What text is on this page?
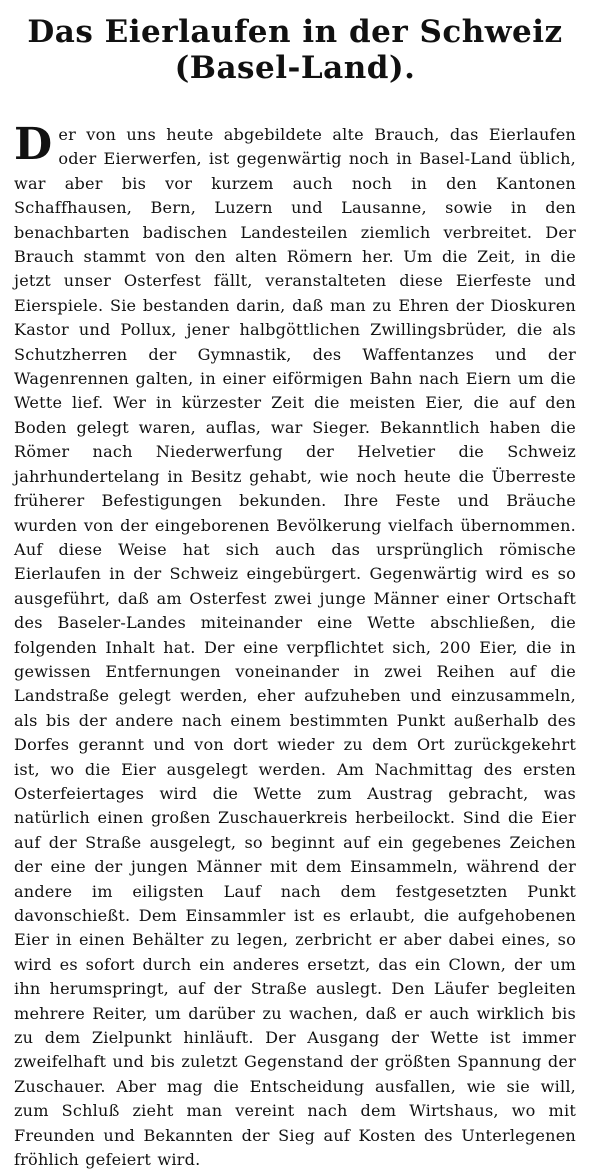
Das Eierlaufen in der Schweiz
(Basel-Land).

D er von uns heute abgebildete alte Brauch, das Eierlaufen oder Eierwerfen, ist gegenwärtig noch in Basel-Land üblich, war aber bis vor kurzem auch noch in den Kantonen Schaffhausen, Bern, Luzern und Lausanne, sowie in den benachbarten badischen Landesteilen ziemlich verbreitet. Der Brauch stammt von den alten Römern her. Um die Zeit, in die jetzt unser Osterfest fällt, veranstalteten diese Eierfeste und Eierspiele. Sie bestanden darin, daß man zu Ehren der Dioskuren Kastor und Pollux, jener halbgöttlichen Zwillingsbrüder, die als Schutzherren der Gymnastik, des Waffentanzes und der Wagenrennen galten, in einer eiförmigen Bahn nach Eiern um die Wette lief. Wer in kürzester Zeit die meisten Eier, die auf den Boden gelegt waren, auflas, war Sieger. Bekanntlich haben die Römer nach Niederwerfung der Helvetier die Schweiz jahrhundertelang in Besitz gehabt, wie noch heute die Überreste früherer Befestigungen bekunden. Ihre Feste und Bräuche wurden von der eingeborenen Bevölkerung vielfach übernommen. Auf diese Weise hat sich auch das ursprünglich römische Eierlaufen in der Schweiz eingebürgert. Gegenwärtig wird es so ausgeführt, daß am Osterfest zwei junge Männer einer Ortschaft des Baseler-Landes miteinander eine Wette abschließen, die folgenden Inhalt hat. Der eine verpflichtet sich, 200 Eier, die in gewissen Entfernungen voneinander in zwei Reihen auf die Landstraße gelegt werden, eher aufzuheben und einzusammeln, als bis der andere nach einem bestimmten Punkt außerhalb des Dorfes gerannt und von dort wieder zu dem Ort zurückgekehrt ist, wo die Eier ausgelegt werden. Am Nachmittag des ersten Osterfeiertages wird die Wette zum Austrag gebracht, was natürlich einen großen Zuschauerkreis herbeilockt. Sind die Eier auf der Straße ausgelegt, so beginnt auf ein gegebenes Zeichen der eine der jungen Männer mit dem Einsammeln, während der andere im eiligsten Lauf nach dem festgesetzten Punkt davonschießt. Dem Einsammler ist es erlaubt, die aufgehobenen Eier in einen Behälter zu legen, zerbricht er aber dabei eines, so wird es sofort durch ein anderes ersetzt, das ein Clown, der um ihn herumspringt, auf der Straße auslegt. Den Läufer begleiten mehrere Reiter, um darüber zu wachen, daß er auch wirklich bis zu dem Zielpunkt hinläuft. Der Ausgang der Wette ist immer zweifelhaft und bis zuletzt Gegenstand der größten Spannung der Zuschauer. Aber mag die Entscheidung ausfallen, wie sie will, zum Schluß zieht man vereint nach dem Wirtshaus, wo mit Freunden und Bekannten der Sieg auf Kosten des Unterlegenen fröhlich gefeiert wird.
